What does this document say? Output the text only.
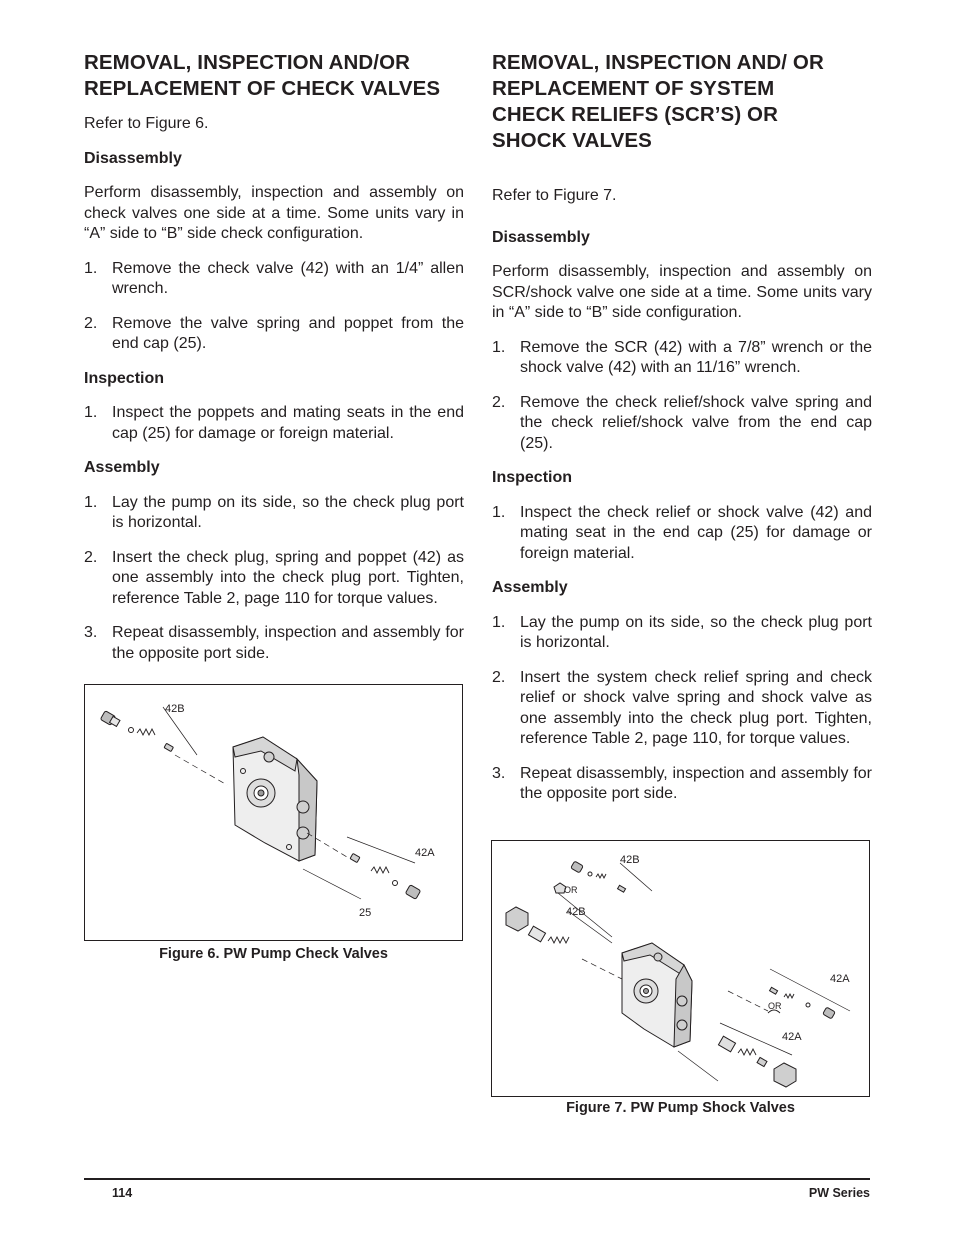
REMOVAL, INSPECTION AND/OR REPLACEMENT OF CHECK VALVES

Refer to Figure 6.

Disassembly

Perform disassembly, inspection and assembly on check valves one side at a time. Some units vary in “A” side to “B” side check configuration.

1. Remove the check valve (42) with an 1/4” allen wrench.
2. Remove the valve spring and poppet from the end cap (25).

Inspection

1. Inspect the poppets and mating seats in the end cap (25) for damage or foreign material.

Assembly

1. Lay the pump on its side, so the check plug port is horizontal.
2. Insert the check plug, spring and poppet (42) as one assembly into the check plug port. Tighten, reference Table 2, page 110 for torque values.
3. Repeat disassembly, inspection and assembly for the opposite port side.
42B
42A
25
Figure 6. PW Pump Check Valves
REMOVAL, INSPECTION AND/ OR REPLACEMENT OF SYSTEM CHECK RELIEFS (SCR’S) OR SHOCK VALVES

Refer to Figure 7.

Disassembly

Perform disassembly, inspection and assembly on SCR/shock valve one side at a time. Some units vary in “A” side to “B” side configuration.

1. Remove the SCR (42) with a 7/8” wrench or the shock valve (42) with an 11/16” wrench.
2. Remove the check relief/shock valve spring and the check relief/shock valve from the end cap (25).

Inspection

1. Inspect the check relief or shock valve (42) and mating seat in the end cap (25) for damage or foreign material.

Assembly

1. Lay the pump on its side, so the check plug port is horizontal.
2. Insert the system check relief spring and check relief or shock valve spring and shock valve as one assembly into the check plug port. Tighten, reference Table 2, page 110, for torque values.
3. Repeat disassembly, inspection and assembly for the opposite port side.
42B
OR
42B
42A
OR
42A
Figure 7. PW Pump Shock Valves
114	PW Series
